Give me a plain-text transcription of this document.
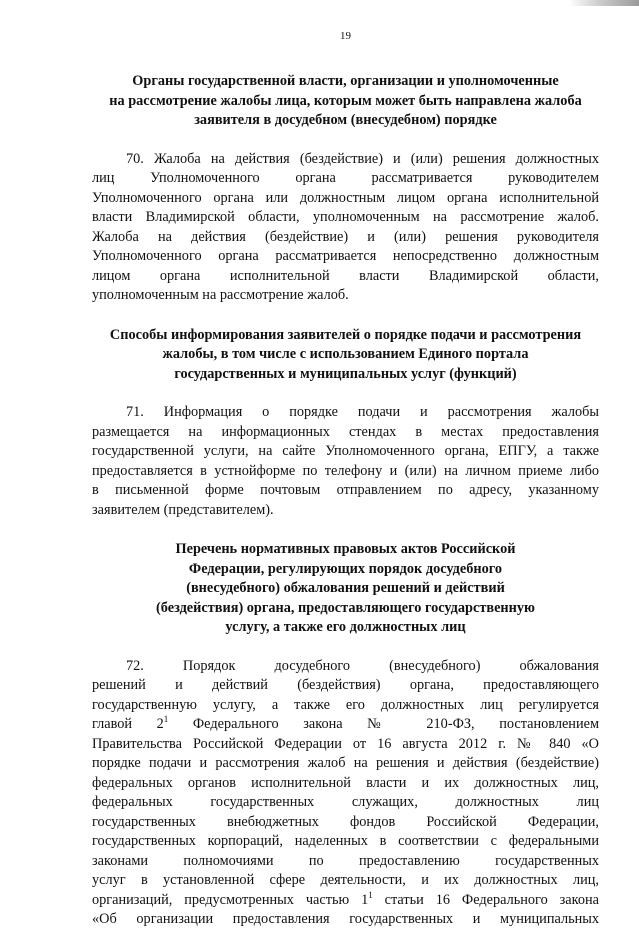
19
Органы государственной власти, организации и уполномоченные
на рассмотрение жалобы лица, которым может быть направлена жалоба
заявителя в досудебном (внесудебном) порядке
70. Жалоба на действия (бездействие) и (или) решения должностных
лиц Уполномоченного органа рассматривается руководителем
Уполномоченного органа или должностным лицом органа исполнительной
власти Владимирской области, уполномоченным на рассмотрение жалоб.
Жалоба на действия (бездействие) и (или) решения руководителя
Уполномоченного органа рассматривается непосредственно должностным
лицом органа исполнительной власти Владимирской области,
уполномоченным на рассмотрение жалоб.
Способы информирования заявителей о порядке подачи и рассмотрения
жалобы, в том числе с использованием Единого портала
государственных и муниципальных услуг (функций)
71. Информация о порядке подачи и рассмотрения жалобы
размещается на информационных стендах в местах предоставления
государственной услуги, на сайте Уполномоченного органа, ЕПГУ, а также
предоставляется в устнойформе по телефону и (или) на личном приеме либо
в письменной форме почтовым отправлением по адресу, указанному
заявителем (представителем).
Перечень нормативных правовых актов Российской
Федерации, регулирующих порядок досудебного
(внесудебного) обжалования решений и действий
(бездействия) органа, предоставляющего государственную
услугу, а также его должностных лиц
72. Порядок досудебного (внесудебного) обжалования
решений и действий (бездействия) органа, предоставляющего
государственную услугу, а также его должностных лиц регулируется
главой $2^1$ Федерального закона № 210-ФЗ, постановлением
Правительства Российской Федерации от 16 августа 2012 г. № 840 «О
порядке подачи и рассмотрения жалоб на решения и действия (бездействие)
федеральных органов исполнительной власти и их должностных лиц,
федеральных государственных служащих, должностных лиц
государственных внебюджетных фондов Российской Федерации,
государственных корпораций, наделенных в соответствии с федеральными
законами полномочиями по предоставлению государственных
услуг в установленной сфере деятельности, и их должностных лиц,
организаций, предусмотренных частью $1^1$ статьи 16 Федерального закона
«Об организации предоставления государственных и муниципальных
